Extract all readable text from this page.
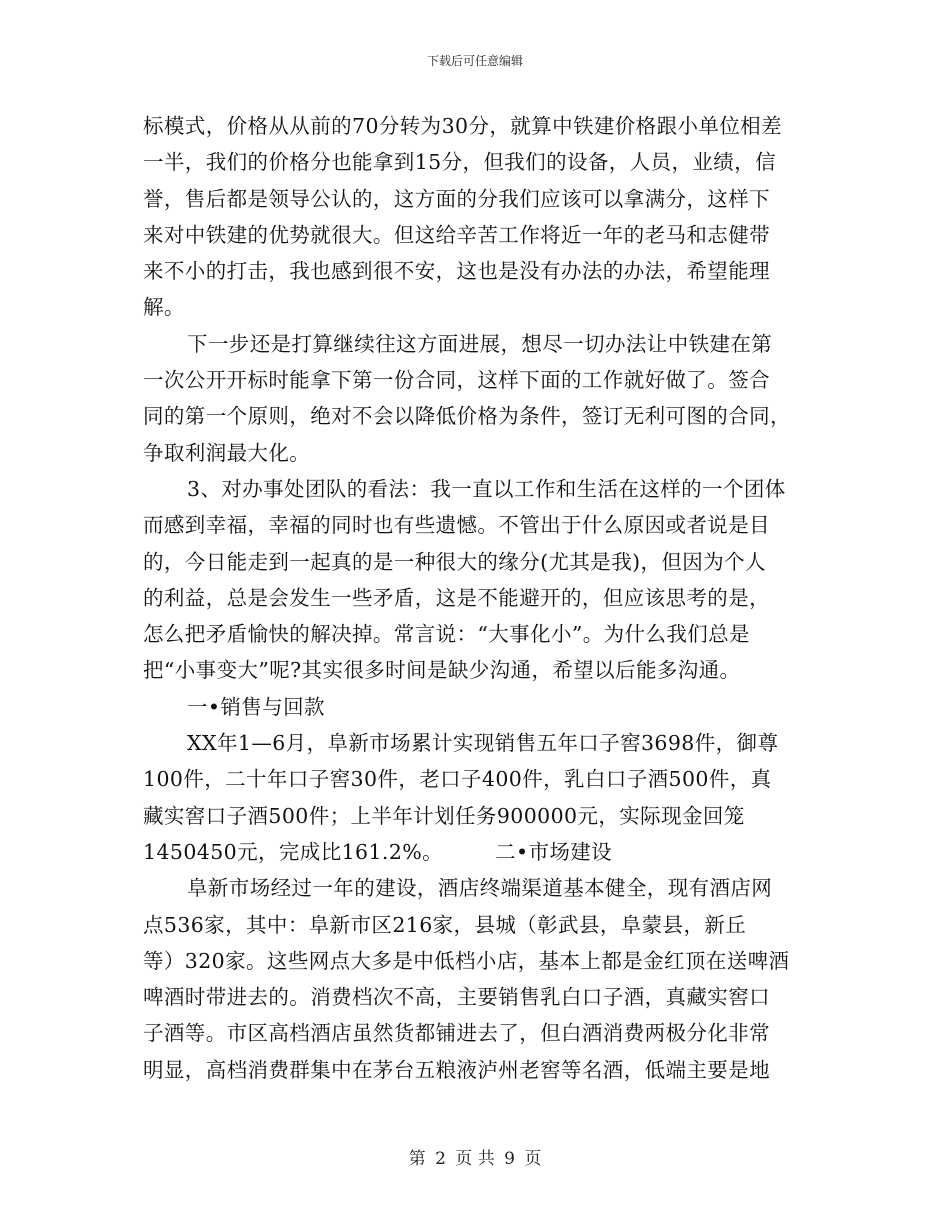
下载后可任意编辑
标模式，价格从从前的70分转为30分，就算中铁建价格跟小单位相差
一半，我们的价格分也能拿到15分，但我们的设备，人员，业绩，信
誉，售后都是领导公认的，这方面的分我们应该可以拿满分，这样下
来对中铁建的优势就很大。但这给辛苦工作将近一年的老马和志健带
来不小的打击，我也感到很不安，这也是没有办法的办法，希望能理
解。
下一步还是打算继续往这方面进展，想尽一切办法让中铁建在第
一次公开开标时能拿下第一份合同，这样下面的工作就好做了。签合
同的第一个原则，绝对不会以降低价格为条件，签订无利可图的合同，
争取利润最大化。
3、对办事处团队的看法：我一直以工作和生活在这样的一个团体
而感到幸福，幸福的同时也有些遗憾。不管出于什么原因或者说是目
的，今日能走到一起真的是一种很大的缘分(尤其是我)，但因为个人
的利益，总是会发生一些矛盾，这是不能避开的，但应该思考的是，
怎么把矛盾愉快的解决掉。常言说：“大事化小”。为什么我们总是
把“小事变大”呢?其实很多时间是缺少沟通，希望以后能多沟通。
一•销售与回款
XX年1—6月，阜新市场累计实现销售五年口子窖3698件，御尊
100件，二十年口子窖30件，老口子400件，乳白口子酒500件，真
藏实窖口子酒500件；上半年计划任务900000元，实际现金回笼
1450450元，完成比161.2%。	二•市场建设
阜新市场经过一年的建设，酒店终端渠道基本健全，现有酒店网
点536家，其中：阜新市区216家，县城（彰武县，阜蒙县，新丘
等）320家。这些网点大多是中低档小店，基本上都是金红顶在送啤酒
啤酒时带进去的。消费档次不高，主要销售乳白口子酒，真藏实窖口
子酒等。市区高档酒店虽然货都铺进去了，但白酒消费两极分化非常
明显，高档消费群集中在茅台五粮液泸州老窖等名酒，低端主要是地
第 2 页 共 9 页
